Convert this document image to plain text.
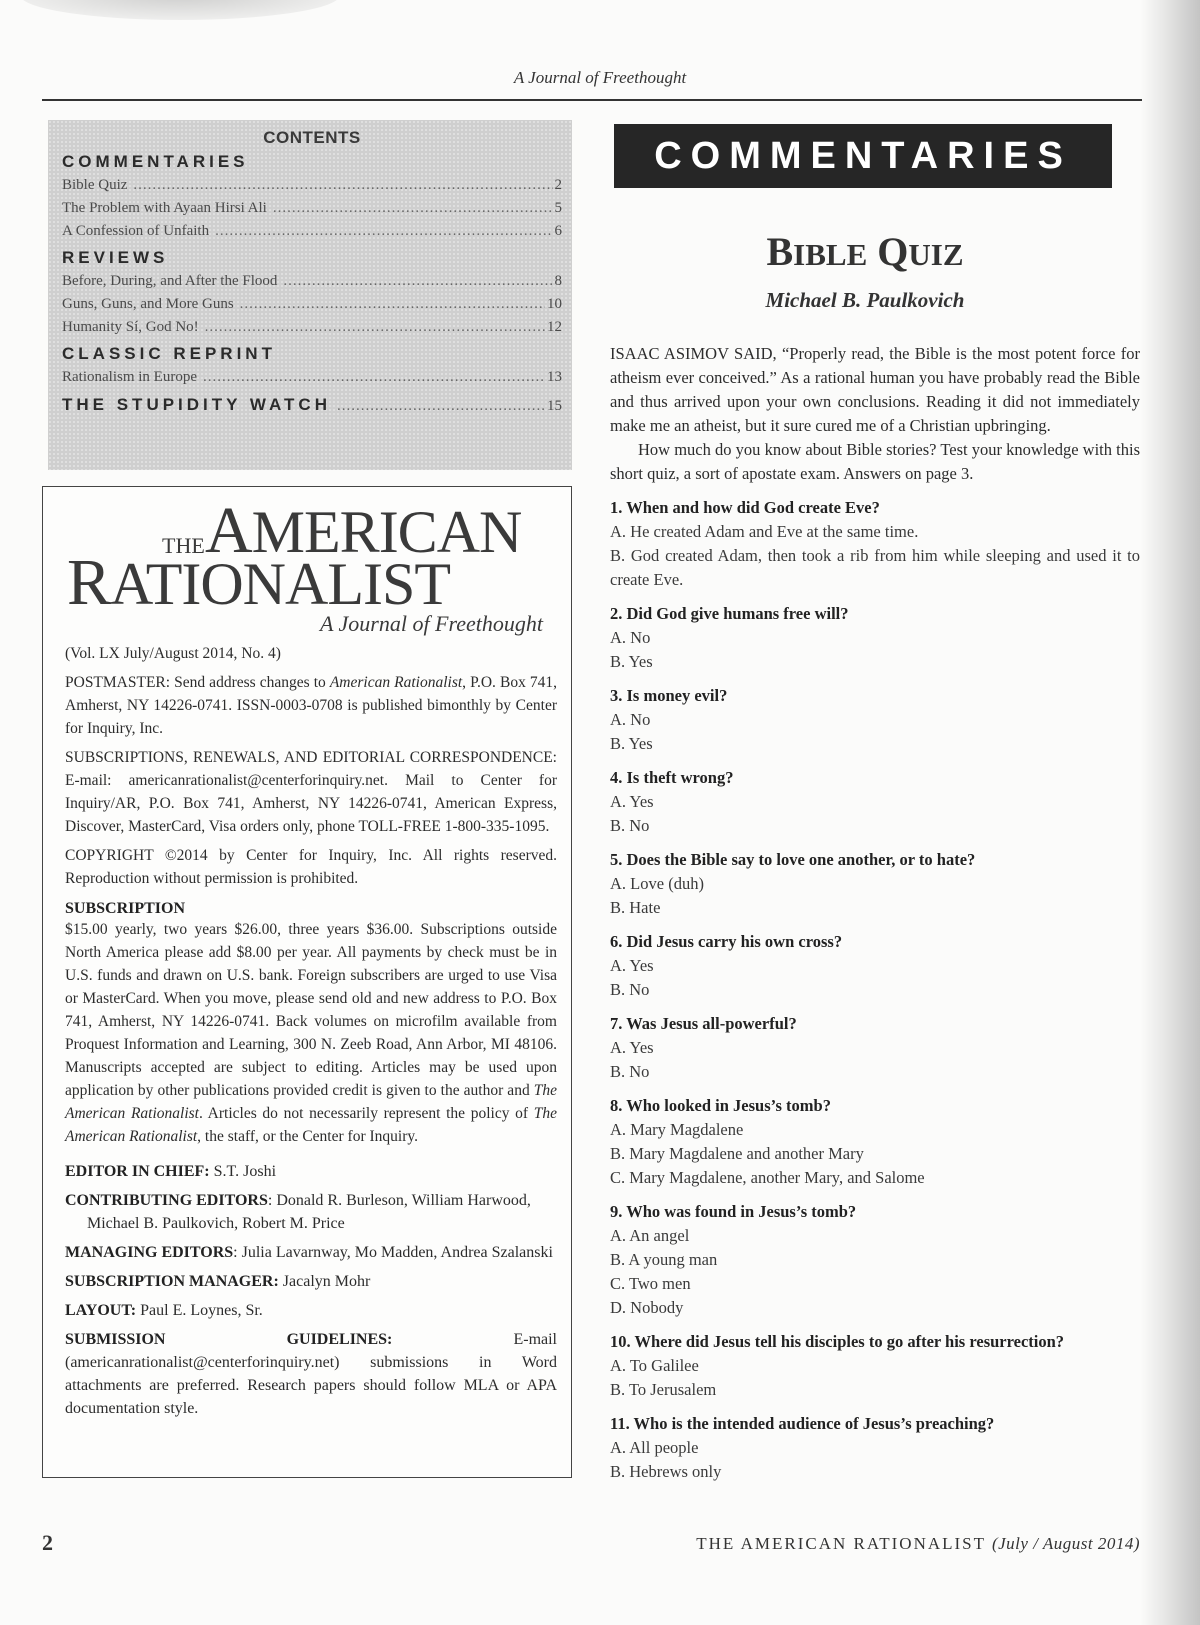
A Journal of Freethought
CONTENTS
COMMENTARIES
Bible Quiz .....	2
The Problem with Ayaan Hirsi Ali .....	5
A Confession of Unfaith .....	6
REVIEWS
Before, During, and After the Flood .....	8
Guns, Guns, and More Guns .....	10
Humanity Sí, God No! .....	12
CLASSIC REPRINT
Rationalism in Europe .....	13
THE STUPIDITY WATCH .....	15
THE AMERICAN
RATIONALIST
A Journal of Freethought

(Vol. LX July/August 2014, No. 4)

POSTMASTER: Send address changes to American Rationalist, P.O. Box 741, Amherst, NY 14226-0741. ISSN-0003-0708 is published bimonthly by Center for Inquiry, Inc.

SUBSCRIPTIONS, RENEWALS, AND EDITORIAL CORRESPONDENCE: E-mail: americanrationalist@centerforinquiry.net. Mail to Center for Inquiry/AR, P.O. Box 741, Amherst, NY 14226-0741, American Express, Discover, MasterCard, Visa orders only, phone TOLL-FREE 1-800-335-1095.

COPYRIGHT ©2014 by Center for Inquiry, Inc. All rights reserved. Reproduction without permission is prohibited.

SUBSCRIPTION

$15.00 yearly, two years $26.00, three years $36.00. Subscriptions outside North America please add $8.00 per year. All payments by check must be in U.S. funds and drawn on U.S. bank. Foreign subscribers are urged to use Visa or MasterCard. When you move, please send old and new address to P.O. Box 741, Amherst, NY 14226-0741. Back volumes on microfilm available from Proquest Information and Learning, 300 N. Zeeb Road, Ann Arbor, MI 48106. Manuscripts accepted are subject to editing. Articles may be used upon application by other publications provided credit is given to the author and The American Rationalist. Articles do not necessarily represent the policy of The American Rationalist, the staff, or the Center for Inquiry.

EDITOR IN CHIEF: S.T. Joshi

CONTRIBUTING EDITORS: Donald R. Burleson, William Harwood, Michael B. Paulkovich, Robert M. Price

MANAGING EDITORS: Julia Lavarnway, Mo Madden, Andrea Szalanski

SUBSCRIPTION MANAGER: Jacalyn Mohr

LAYOUT: Paul E. Loynes, Sr.

SUBMISSION GUIDELINES: E-mail (americanrationalist@centerforinquiry.net) submissions in Word attachments are preferred. Research papers should follow MLA or APA documentation style.

COMMENTARIES
BIBLE QUIZ
Michael B. Paulkovich

ISAAC ASIMOV SAID, “Properly read, the Bible is the most potent force for atheism ever conceived.” As a rational human you have probably read the Bible and thus arrived upon your own conclusions. Reading it did not immediately make me an atheist, but it sure cured me of a Christian upbringing.

How much do you know about Bible stories? Test your knowledge with this short quiz, a sort of apostate exam. Answers on page 3.

1. When and how did God create Eve?
A. He created Adam and Eve at the same time.
B. God created Adam, then took a rib from him while sleeping and used it to create Eve.
2. Did God give humans free will?
A. No
B. Yes
3. Is money evil?
A. No
B. Yes
4. Is theft wrong?
A. Yes
B. No
5. Does the Bible say to love one another, or to hate?
A. Love (duh)
B. Hate
6. Did Jesus carry his own cross?
A. Yes
B. No
7. Was Jesus all-powerful?
A. Yes
B. No
8. Who looked in Jesus’s tomb?
A. Mary Magdalene
B. Mary Magdalene and another Mary
C. Mary Magdalene, another Mary, and Salome
9. Who was found in Jesus’s tomb?
A. An angel
B. A young man
C. Two men
D. Nobody
10. Where did Jesus tell his disciples to go after his resurrection?
A. To Galilee
B. To Jerusalem
11. Who is the intended audience of Jesus’s preaching?
A. All people
B. Hebrews only
2	THE AMERICAN RATIONALIST (July / August 2014)
